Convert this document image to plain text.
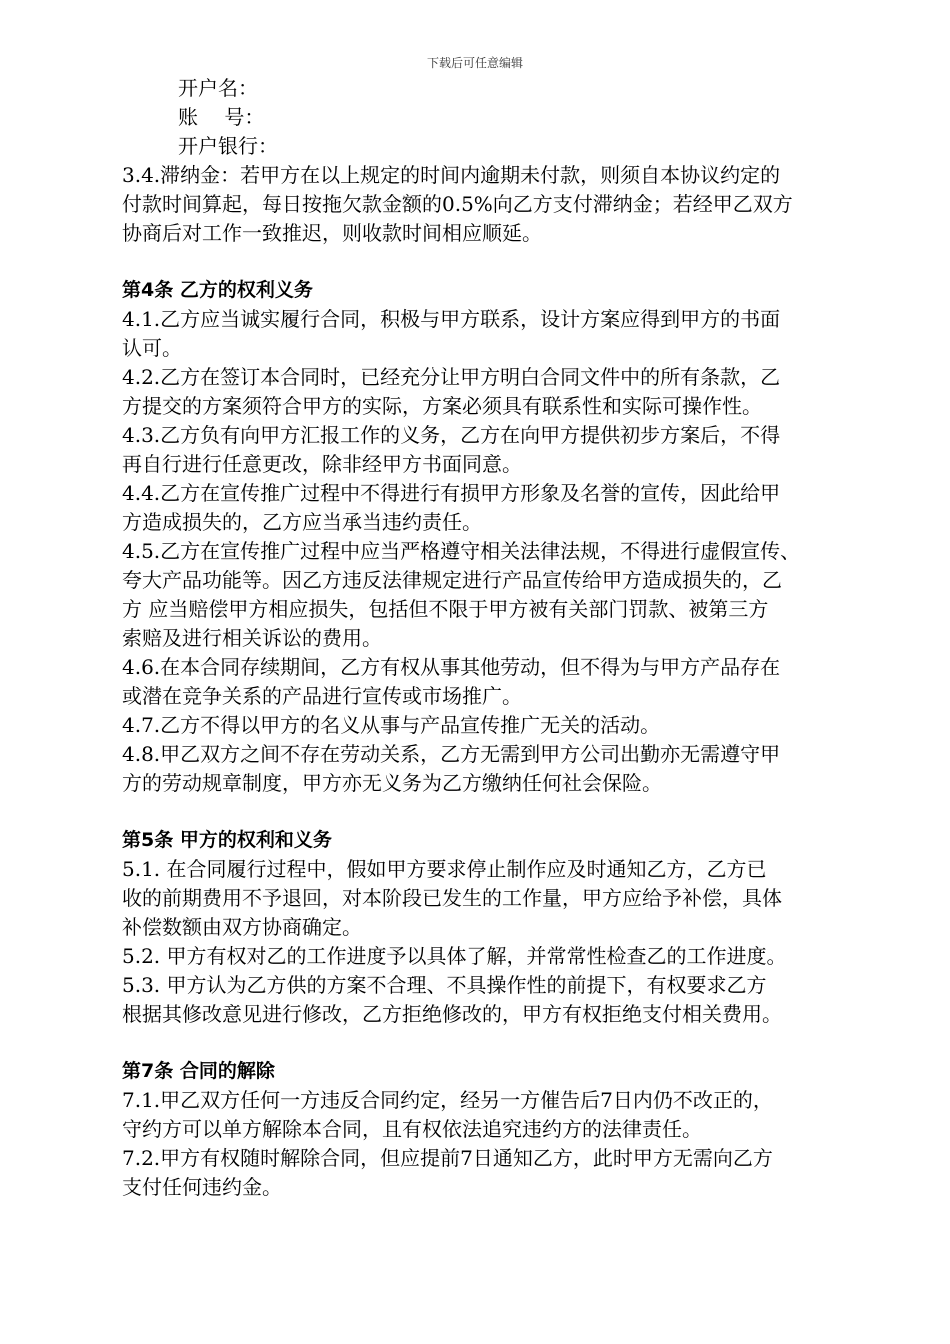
下载后可任意编辑
开户名：
账　 号：
开户银行：
3.4.滞纳金：若甲方在以上规定的时间内逾期未付款，则须自本协议约定的
付款时间算起，每日按拖欠款金额的0.5%向乙方支付滞纳金；若经甲乙双方
协商后对工作一致推迟，则收款时间相应顺延。
第4条 乙方的权利义务
4.1.乙方应当诚实履行合同，积极与甲方联系，设计方案应得到甲方的书面
认可。
4.2.乙方在签订本合同时，已经充分让甲方明白合同文件中的所有条款，乙
方提交的方案须符合甲方的实际，方案必须具有联系性和实际可操作性。
4.3.乙方负有向甲方汇报工作的义务，乙方在向甲方提供初步方案后，不得
再自行进行任意更改，除非经甲方书面同意。
4.4.乙方在宣传推广过程中不得进行有损甲方形象及名誉的宣传，因此给甲
方造成损失的，乙方应当承当违约责任。
4.5.乙方在宣传推广过程中应当严格遵守相关法律法规，不得进行虚假宣传、
夸大产品功能等。因乙方违反法律规定进行产品宣传给甲方造成损失的，乙
方 应当赔偿甲方相应损失，包括但不限于甲方被有关部门罚款、被第三方
索赔及进行相关诉讼的费用。
4.6.在本合同存续期间，乙方有权从事其他劳动，但不得为与甲方产品存在
或潜在竞争关系的产品进行宣传或市场推广。
4.7.乙方不得以甲方的名义从事与产品宣传推广无关的活动。
4.8.甲乙双方之间不存在劳动关系，乙方无需到甲方公司出勤亦无需遵守甲
方的劳动规章制度，甲方亦无义务为乙方缴纳任何社会保险。
第5条 甲方的权利和义务
5.1. 在合同履行过程中，假如甲方要求停止制作应及时通知乙方，乙方已
收的前期费用不予退回，对本阶段已发生的工作量，甲方应给予补偿，具体
补偿数额由双方协商确定。
5.2. 甲方有权对乙的工作进度予以具体了解，并常常性检查乙的工作进度。
5.3. 甲方认为乙方供的方案不合理、不具操作性的前提下，有权要求乙方
根据其修改意见进行修改，乙方拒绝修改的，甲方有权拒绝支付相关费用。
第7条 合同的解除
7.1.甲乙双方任何一方违反合同约定，经另一方催告后7日内仍不改正的，
守约方可以单方解除本合同，且有权依法追究违约方的法律责任。
7.2.甲方有权随时解除合同，但应提前7日通知乙方，此时甲方无需向乙方
支付任何违约金。
